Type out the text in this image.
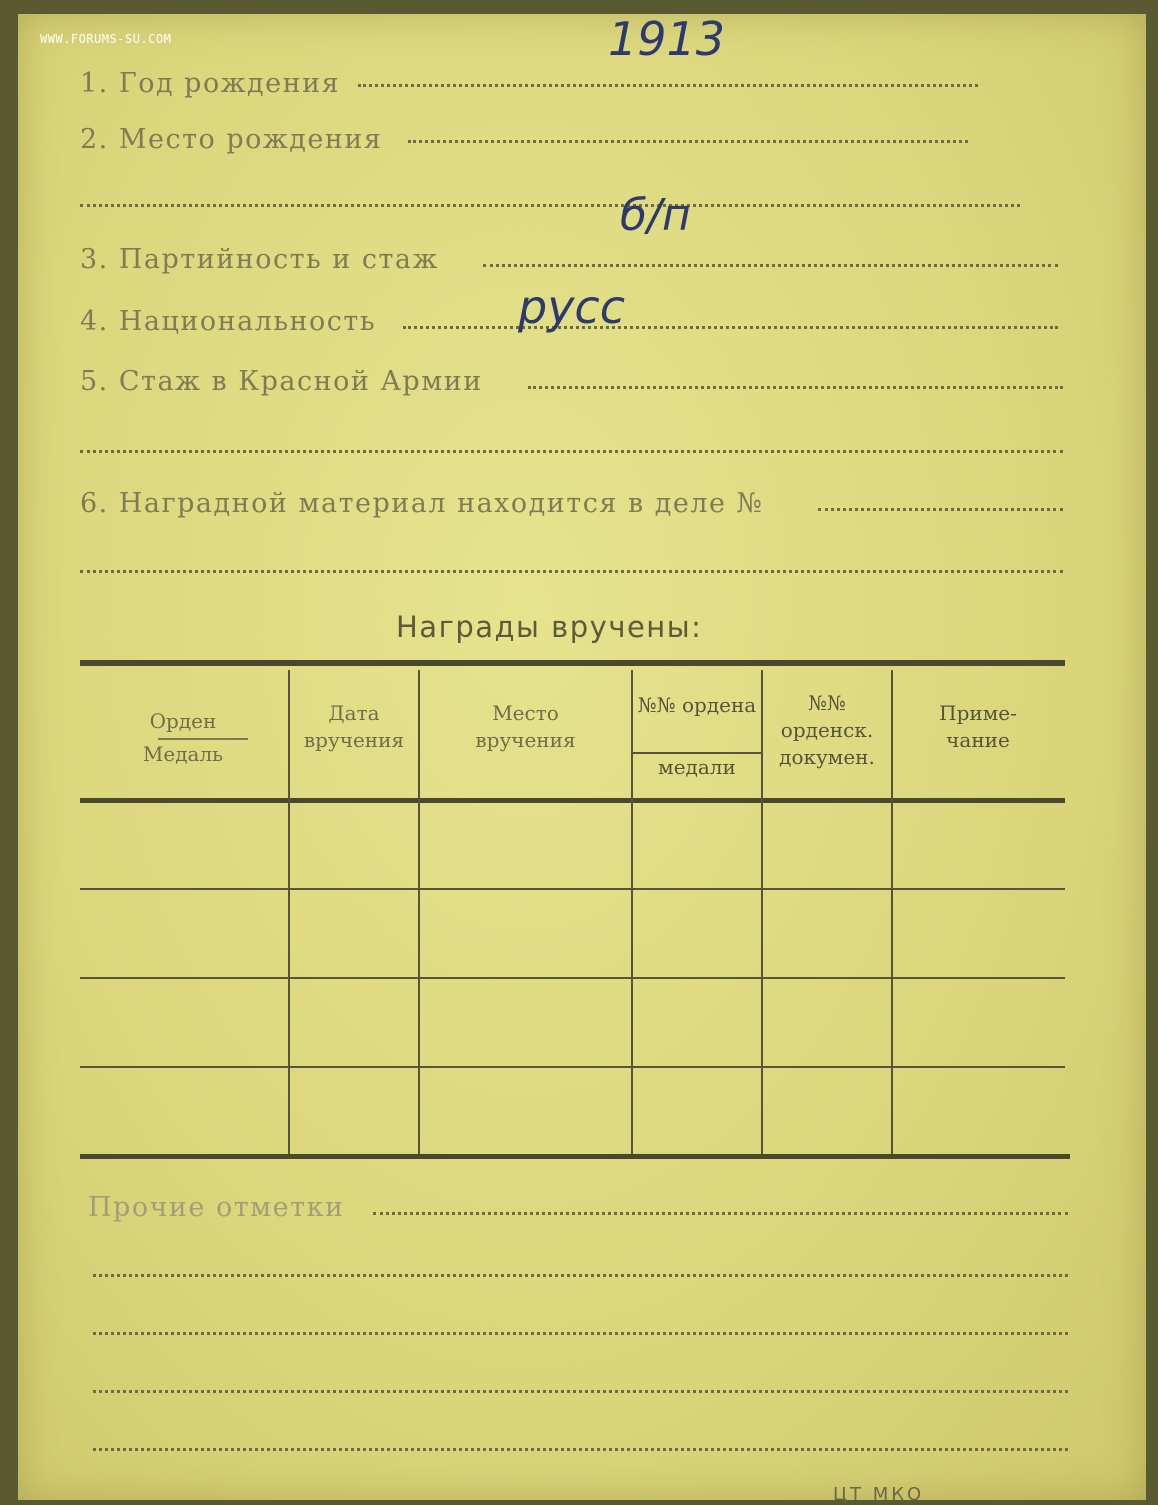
WWW.FORUMS-SU.COM
1. Год рождения
1913
2. Место рождения
3. Партийность и стаж
б/п
4. Национальность	русс
5. Стаж в Красной Армии
6. Наградной материал находится в деле №
Награды вручены:
Орден
Медаль
Дата вручения
Место вручения
№№ ордена
медали
№№ орденск. докумен.
Приме- чание
Прочие отметки
ЦТ МКО
